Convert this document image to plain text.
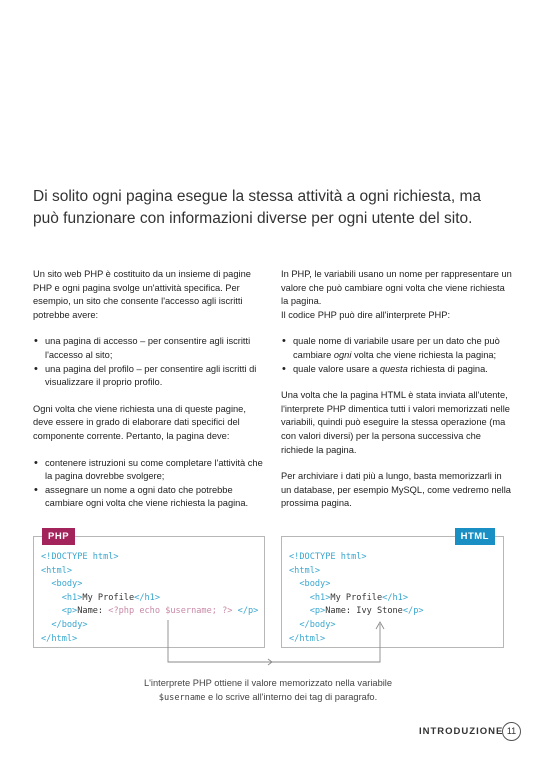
Di solito ogni pagina esegue la stessa attività a ogni richiesta, ma può funzionare con informazioni diverse per ogni utente del sito.

Un sito web PHP è costituito da un insieme di pagine PHP e ogni pagina svolge un'attività specifica. Per esempio, un sito che consente l'accesso agli iscritti potrebbe avere:

• una pagina di accesso – per consentire agli iscritti l'accesso al sito;
• una pagina del profilo – per consentire agli iscritti di visualizzare il proprio profilo.

Ogni volta che viene richiesta una di queste pagine, deve essere in grado di elaborare dati specifici del componente corrente. Pertanto, la pagina deve:

• contenere istruzioni su come completare l'attività che la pagina dovrebbe svolgere;
• assegnare un nome a ogni dato che potrebbe cambiare ogni volta che viene richiesta la pagina.

In PHP, le variabili usano un nome per rappresentare un valore che può cambiare ogni volta che viene richiesta la pagina.
Il codice PHP può dire all'interprete PHP:

• quale nome di variabile usare per un dato che può cambiare ogni volta che viene richiesta la pagina;
• quale valore usare a questa richiesta di pagina.

Una volta che la pagina HTML è stata inviata all'utente, l'interprete PHP dimentica tutti i valori memorizzati nelle variabili, quindi può eseguire la stessa operazione (ma con valori diversi) per la persona successiva che richiede la pagina.

Per archiviare i dati più a lungo, basta memorizzarli in un database, per esempio MySQL, come vedremo nella prossima pagina.

PHP
<!DOCTYPE html>
<html>
<body>
<h1>My Profile</h1>
<p>Name: <?php echo $username; ?> </p>
</body>
</html>
HTML
<!DOCTYPE html>
<html>
<body>
<h1>My Profile</h1>
<p>Name: Ivy Stone</p>
</body>
</html>
L'interprete PHP ottiene il valore memorizzato nella variabile
$username e lo scrive all'interno dei tag di paragrafo.
INTRODUZIONE 11
